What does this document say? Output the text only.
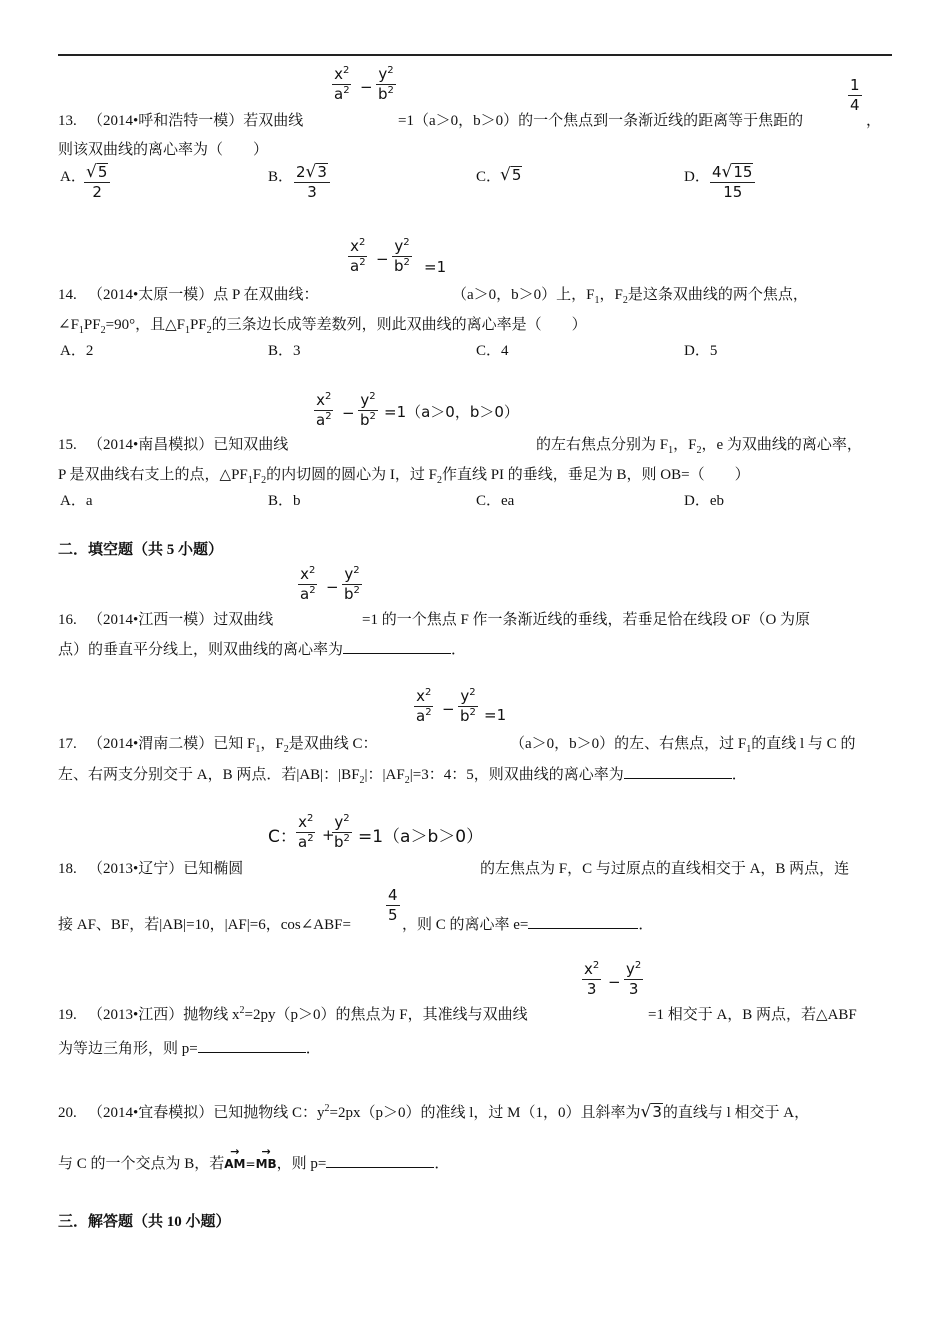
$\frac{x^2}{a^2} - \frac{y^2}{b^2}$	$\frac{1}{4}$
13. （2014•呼和浩特一模）若双曲线	=1（a＞0，b＞0）的一个焦点到一条渐近线的距离等于焦距的	，
则该双曲线的离心率为（　　）
A．
$\frac{√ 5}{2}$	B． $\frac{2 √ 3}{3}$	C．
√ 5	D． $\frac{4 √ 15}{15}$
$\frac{x^2}{a^2} - \frac{y^2}{b^2} =1$
14. （2014•太原一模）点 P 在双曲线：	（a＞0，b＞0）上，$F_1$，$F_2$是这条双曲线的两个焦点，
$\angle F_1PF_2=90^\circ$，且$\triangle F_1PF_2$的三条边长成等差数列，则此双曲线的离心率是（　　）
A．2	B．3	C．4	D．5
$\frac{x^2}{a^2} - \frac{y^2}{b^2} =1(a>0$，b＞0）
15. （2014•南昌模拟）已知双曲线	的左右焦点分别为 $F_1$，$F_2$，e 为双曲线的离心率，
P 是双曲线右支上的点，$\triangle PF_1F_2$的内切圆的圆心为 I，过 $F_2$作直线 PI 的垂线，垂足为 B，则 OB=（　　）
A．a	B．b	C．ea	D．eb
二．填空题（共 5 小题）
$\frac{x^2}{a^2} - \frac{y^2}{b^2}$
16. （2014•江西一模）过双曲线	=1 的一个焦点 F 作一条渐近线的垂线，若垂足恰在线段 OF（O 为原
点）的垂直平分线上，则双曲线的离心率为	．
$\frac{x^2}{a^2} - \frac{y^2}{b^2} =1$
17. （2014•渭南二模）已知 $F_1$，$F_2$是双曲线 C：	（a＞0，b＞0）的左、右焦点，过 $F_1$的直线 l 与 C 的
左、右两支分别交于 A，B 两点．若|AB|：$|BF_2|$：$|AF_2|=3$：4：5，则双曲线的离心率为	．
C： $\frac{x^2}{a^2}$ +
$\frac{y^2}{b^2} =1(a>b>0)$
18. （2013•辽宁）已知椭圆	的左焦点为 F，C 与过原点的直线相交于 A，B 两点，连
$\frac{4}{5}$
接 AF、BF，若|AB|=10，|AF|=6，cos∠ABF=	，则 C 的离心率 e=	．
$\frac{x^2}{3} - \frac{y^2}{3}$
19. （2013•江西）抛物线 $x^2=2py(p>0)$的焦点为 F，其准线与双曲线	=1 相交于 A，B 两点，若△ABF
为等边三角形，则 p=	．
20. （2014•宜春模拟）已知抛物线 C：$y^2=2px(p>0)$的准线 l，过 M（1，0）且斜率为 √ 3 的直线与 l 相交于 A，
与 C 的一个交点为 B，若→ AM=→ MB，则 p=	．
三．解答题（共 10 小题）
